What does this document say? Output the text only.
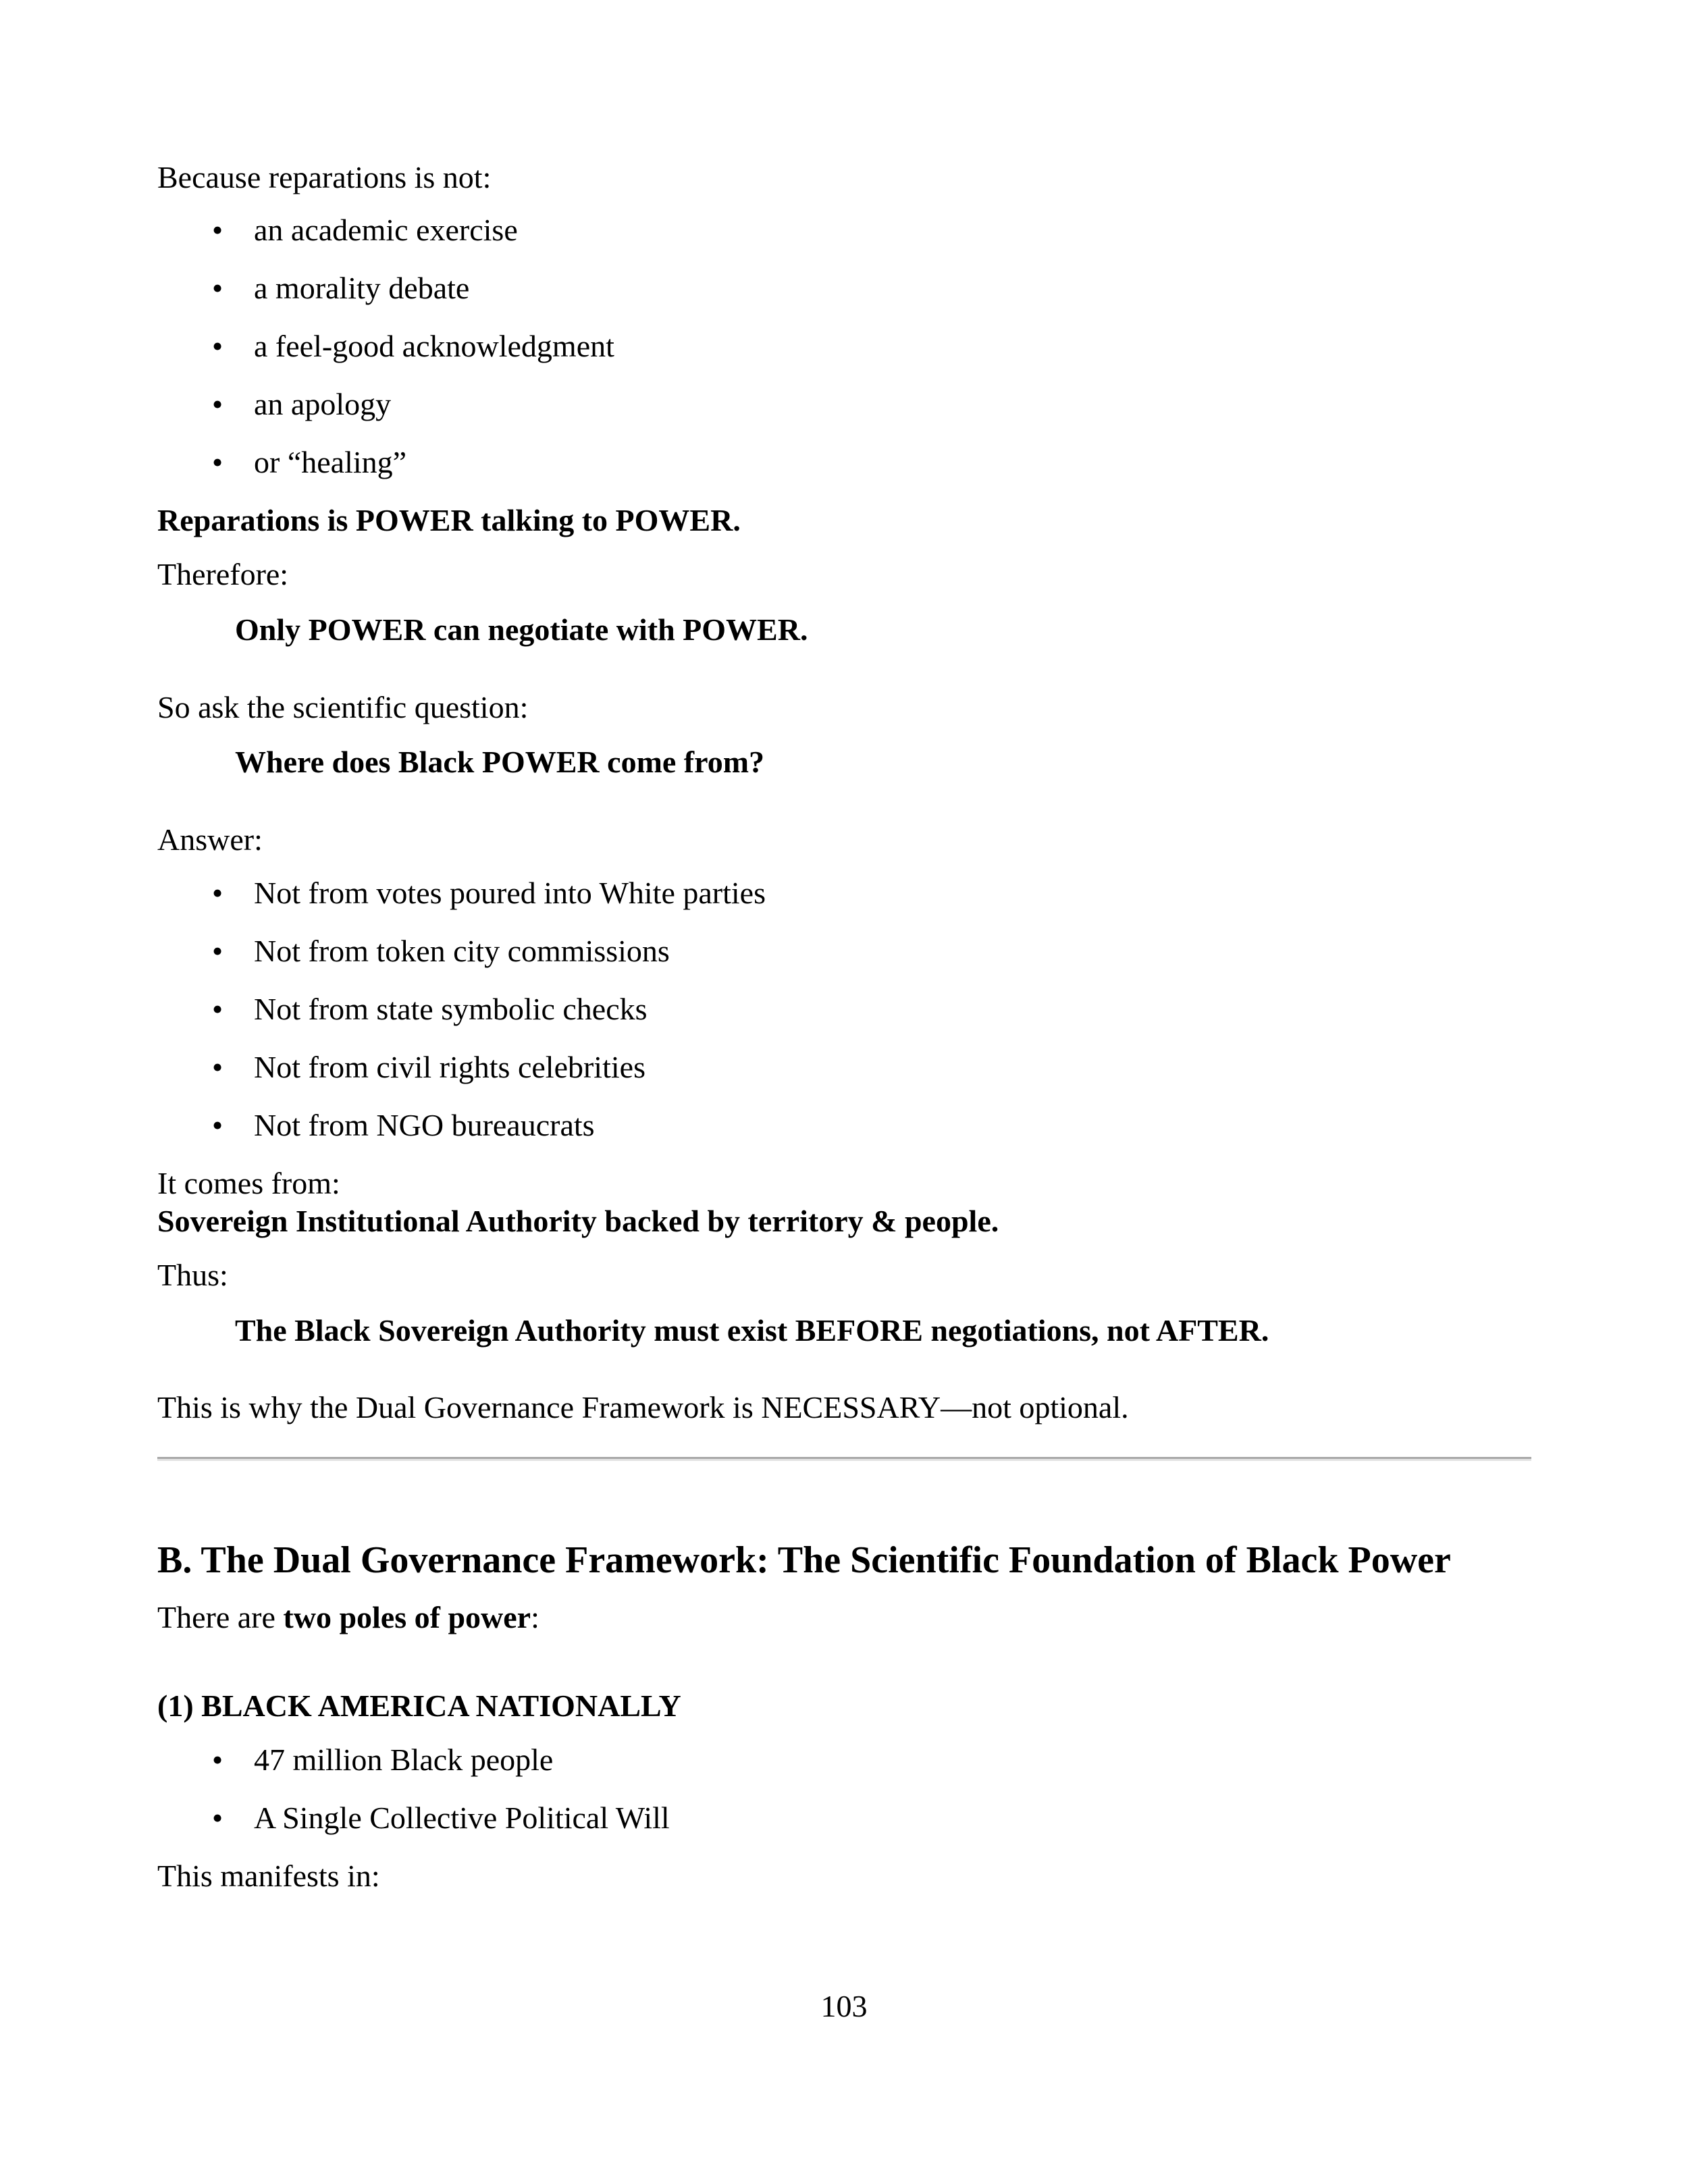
Because reparations is not:
• an academic exercise
• a morality debate
• a feel-good acknowledgment
• an apology
• or “healing”
Reparations is POWER talking to POWER.
Therefore:
Only POWER can negotiate with POWER.
So ask the scientific question:
Where does Black POWER come from?
Answer:
• Not from votes poured into White parties
• Not from token city commissions
• Not from state symbolic checks
• Not from civil rights celebrities
• Not from NGO bureaucrats
It comes from:
Sovereign Institutional Authority backed by territory & people.
Thus:
The Black Sovereign Authority must exist BEFORE negotiations, not AFTER.
This is why the Dual Governance Framework is NECESSARY—not optional.
B. The Dual Governance Framework: The Scientific Foundation of Black Power
There are two poles of power:
(1) BLACK AMERICA NATIONALLY
• 47 million Black people
• A Single Collective Political Will
This manifests in:
103
